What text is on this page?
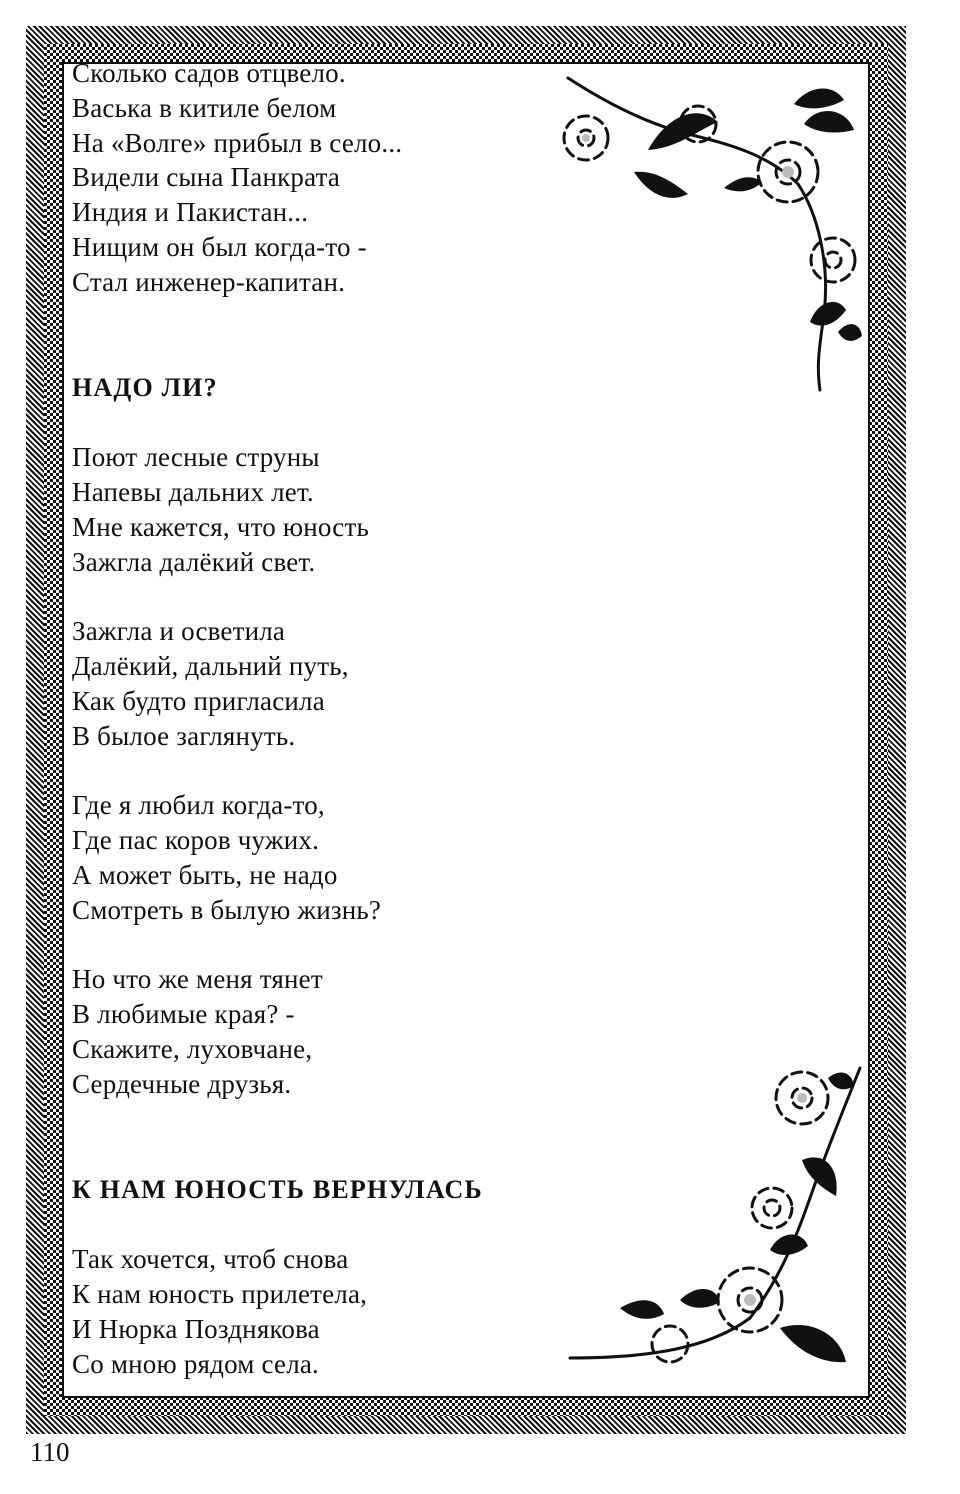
Сколько садов отцвело.
Васька в китиле белом
На «Волге» прибыл в село...
Видели сына Панкрата
Индия и Пакистан...
Нищим он был когда-то -
Стал инженер-капитан.
НАДО ЛИ?
Поют лесные струны
Напевы дальних лет.
Мне кажется, что юность
Зажгла далёкий свет.
Зажгла и осветила
Далёкий, дальний путь,
Как будто пригласила
В былое заглянуть.
Где я любил когда-то,
Где пас коров чужих.
А может быть, не надо
Смотреть в былую жизнь?
Но что же меня тянет
В любимые края? -
Скажите, луховчане,
Сердечные друзья.
К НАМ ЮНОСТЬ ВЕРНУЛАСЬ
Так хочется, чтоб снова
К нам юность прилетела,
И Нюрка Позднякова
Со мною рядом села.
110
